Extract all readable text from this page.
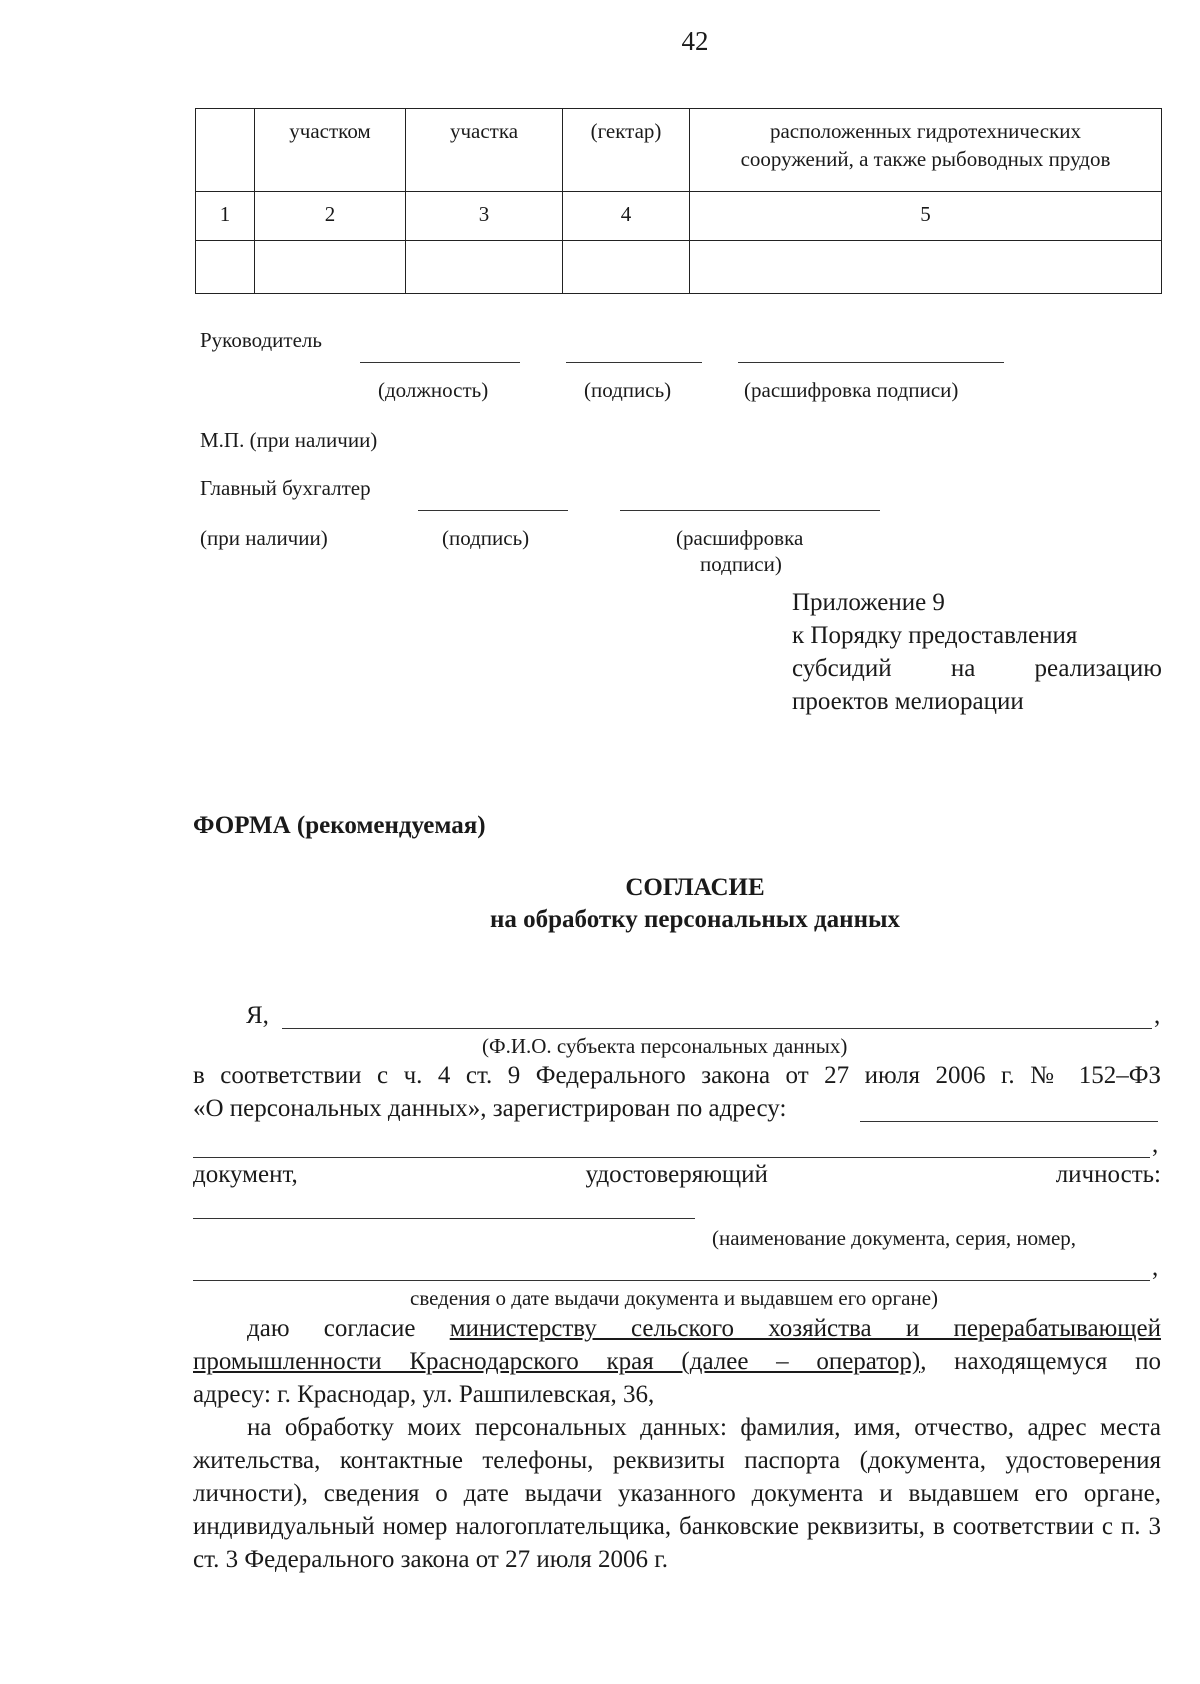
42
	участком	участка	(гектар)	расположенных гидротехнических
сооружений, а также рыбоводных прудов

1	2	3	4	5

Руководитель
(должность)	(подпись)	(расшифровка подписи)
М.П. (при наличии)
Главный бухгалтер
(при наличии)	(подпись)	(расшифровка
подписи)
Приложение 9
к Порядку предоставления
субсидий на реализацию
проектов мелиорации
ФОРМА (рекомендуемая)
СОГЛАСИЕ
на обработку персональных данных
Я,	,
(Ф.И.О. субъекта персональных данных)
в соответствии с ч. 4 ст. 9 Федерального закона от 27 июля 2006 г. № 152–ФЗ
«О персональных данных», зарегистрирован по адресу:
,
документ,	удостоверяющий	личность:
(наименование документа, серия, номер,
,
сведения о дате выдачи документа и выдавшем его органе)
даю согласие министерству сельского хозяйства и перерабатывающей
промышленности Краснодарского края (далее – оператор), находящемуся по
адресу: г. Краснодар, ул. Рашпилевская, 36,
на обработку моих персональных данных: фамилия, имя, отчество, адрес места жительства, контактные телефоны, реквизиты паспорта (документа, удостоверения личности), сведения о дате выдачи указанного документа и выдавшем его органе, индивидуальный номер налогоплательщика, банковские реквизиты, в соответствии с п. 3 ст. 3 Федерального закона от 27 июля 2006 г.
